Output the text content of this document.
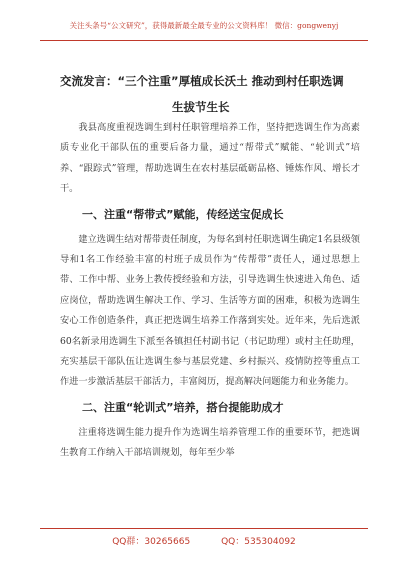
关注头条号“公文研究”，获得最新最全最专业的公文资料库！ 微信：gongwenyj
交流发言：“三个注重”厚植成长沃土 推动到村任职选调
生拔节生长

我县高度重视选调生到村任职管理培养工作，坚持把选调生作为高素质专业化干部队伍的重要后备力量，通过“帮带式”赋能、“轮训式”培养、“跟踪式”管理，帮助选调生在农村基层砥砺品格、锤炼作风、增长才干。

一、注重“帮带式”赋能，传经送宝促成长

建立选调生结对帮带责任制度，为每名到村任职选调生确定1名县级领导和1名工作经验丰富的村班子成员作为“传帮带”责任人，通过思想上带、工作中帮、业务上教传授经验和方法，引导选调生快速进入角色、适应岗位，帮助选调生解决工作、学习、生活等方面的困难，积极为选调生安心工作创造条件，真正把选调生培养工作落到实处。近年来，先后选派60名新录用选调生下派至各镇担任村副书记（书记助理）或村主任助理，充实基层干部队伍让选调生参与基层党建、乡村振兴、疫情防控等重点工作进一步激活基层干部活力，丰富阅历，提高解决问题能力和业务能力。

二、注重“轮训式”培养，搭台提能助成才

注重将选调生能力提升作为选调生培养管理工作的重要环节，把选调生教育工作纳入干部培训规划，每年至少举

QQ群：30265665	QQ：535304092
